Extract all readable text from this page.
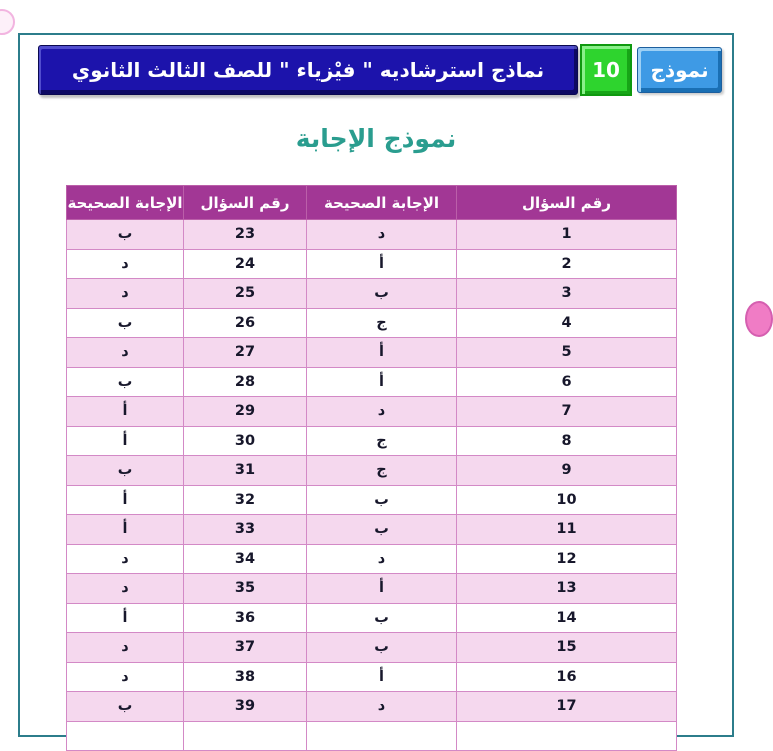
نماذج استرشاديه " فيْزياء " للصف الثالث الثانوي 10 نموذج
نموذج الإجابة
رقم السؤال	الإجابة الصحيحة	رقم السؤال	الإجابة الصحيحة
1	د	23	ب
2	أ	24	د
3	ب	25	د
4	ج	26	ب
5	أ	27	د
6	أ	28	ب
7	د	29	أ
8	ج	30	أ
9	ج	31	ب
10	ب	32	أ
11	ب	33	أ
12	د	34	د
13	أ	35	د
14	ب	36	أ
15	ب	37	د
16	أ	38	د
17	د	39	ب
